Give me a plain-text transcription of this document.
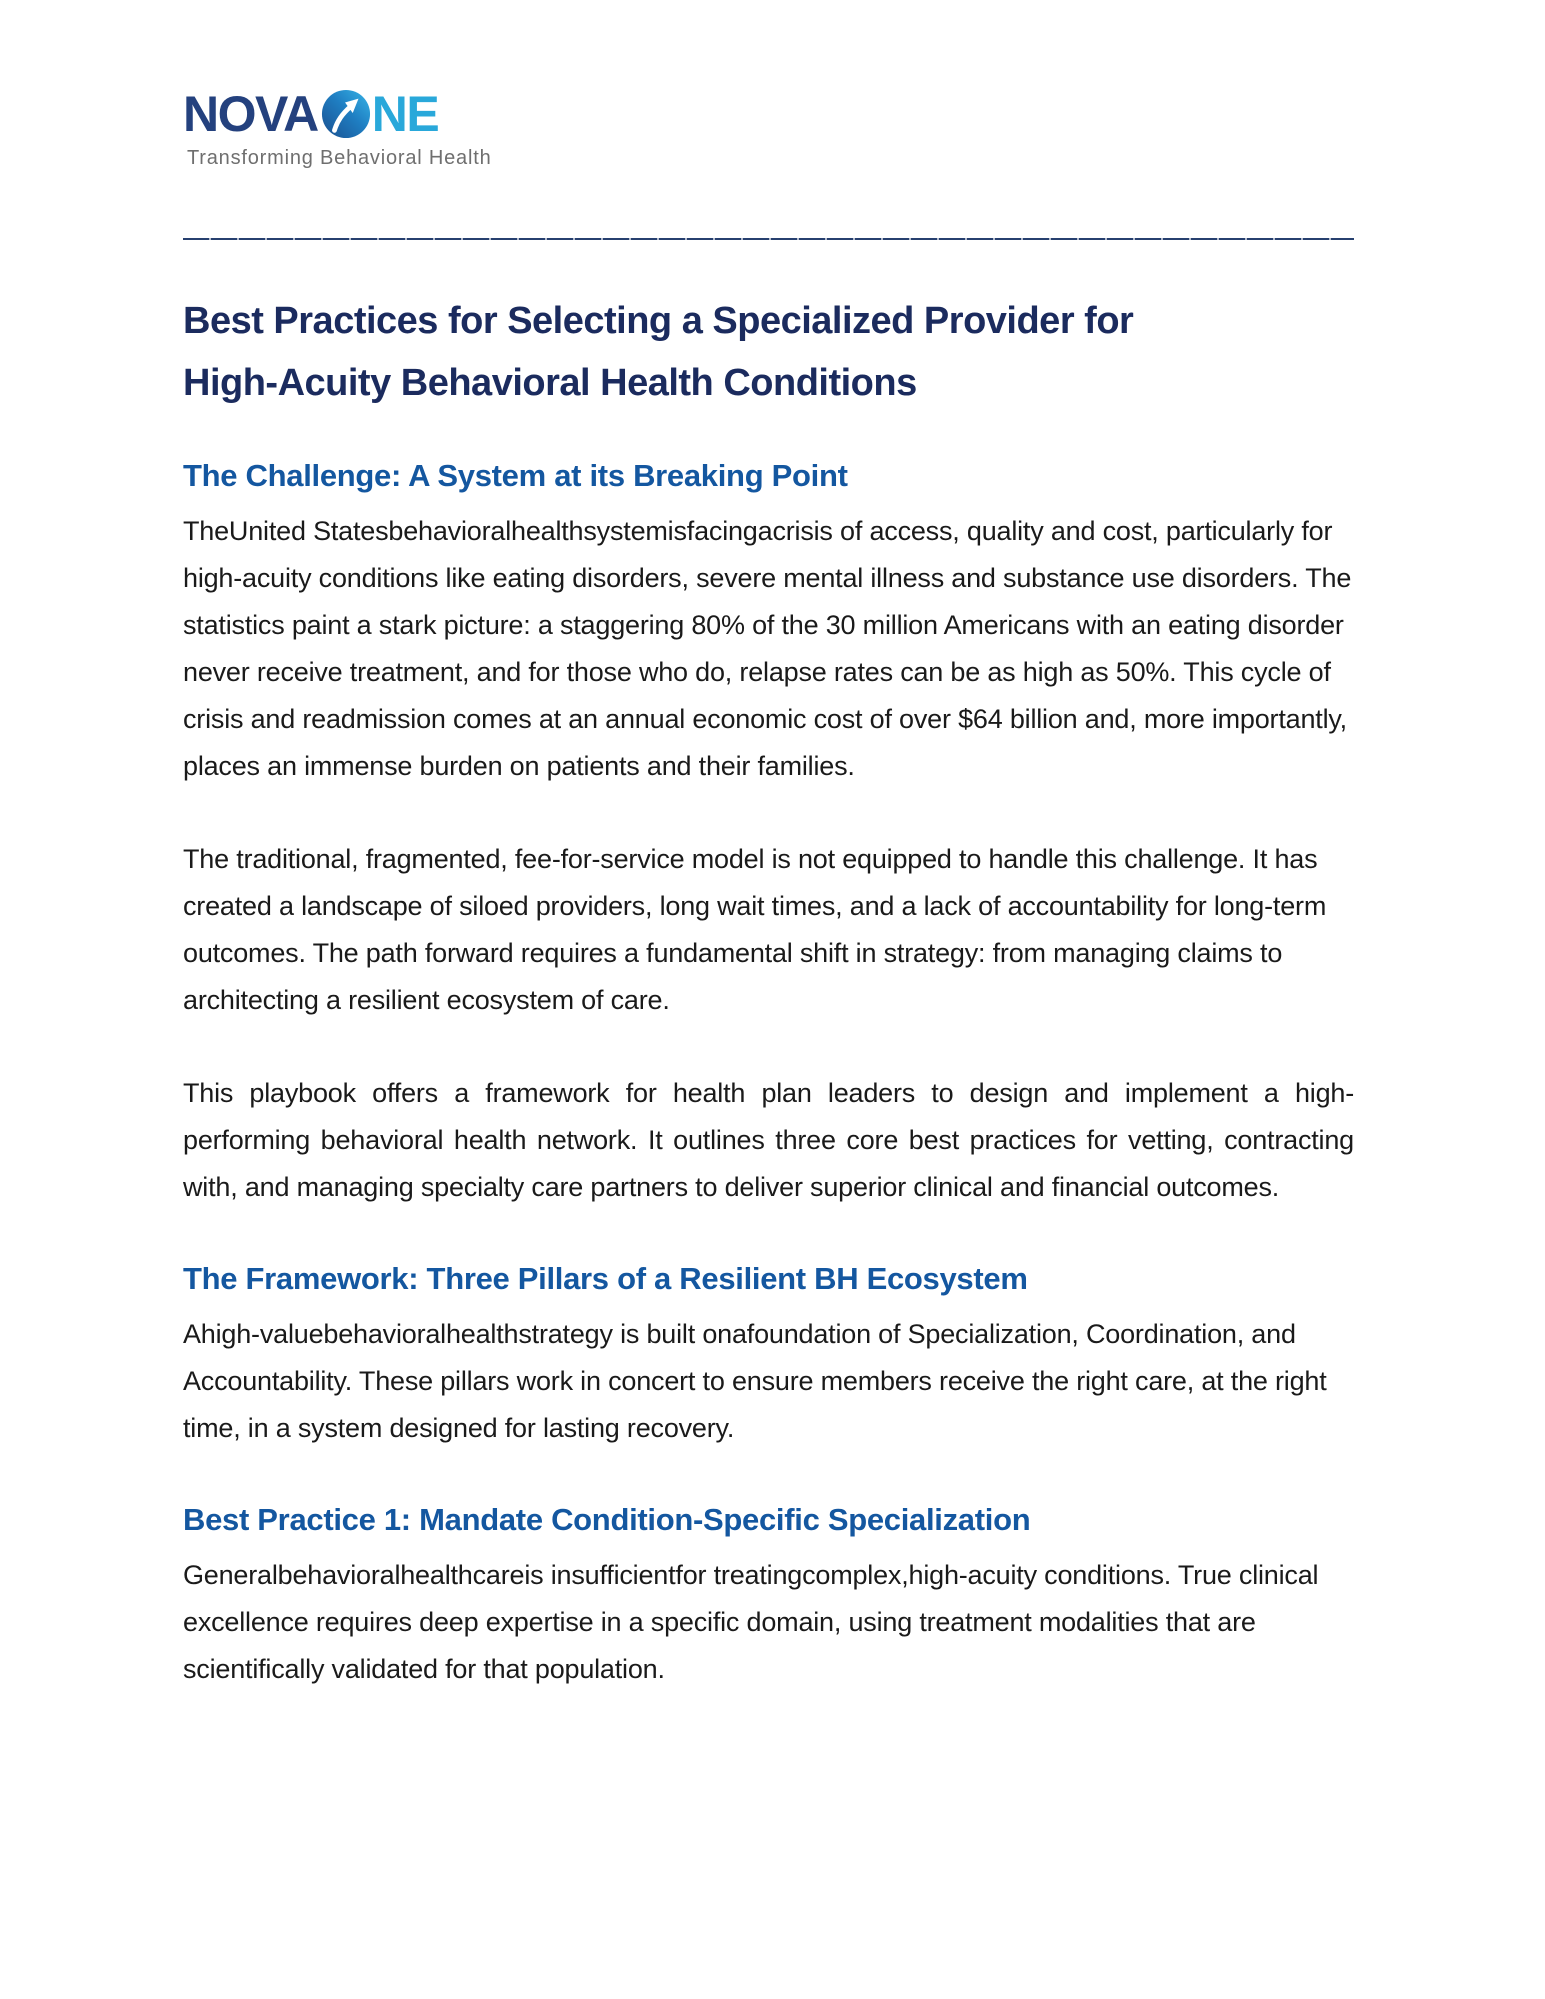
NOVA NE
Transforming Behavioral Health
Best Practices for Selecting a Specialized Provider for
High-Acuity Behavioral Health Conditions
The Challenge: A System at its Breaking Point

TheUnited Statesbehavioralhealthsystemisfacingacrisis of access, quality and cost, particularly for high-acuity conditions like eating disorders, severe mental illness and substance use disorders. The statistics paint a stark picture: a staggering 80% of the 30 million Americans with an eating disorder never receive treatment, and for those who do, relapse rates can be as high as 50%. This cycle of crisis and readmission comes at an annual economic cost of over $64 billion and, more importantly, places an immense burden on patients and their families.

The traditional, fragmented, fee-for-service model is not equipped to handle this challenge. It has created a landscape of siloed providers, long wait times, and a lack of accountability for long-term outcomes. The path forward requires a fundamental shift in strategy: from managing claims to architecting a resilient ecosystem of care.

This playbook offers a framework for health plan leaders to design and implement a high-performing behavioral health network. It outlines three core best practices for vetting, contracting with, and managing specialty care partners to deliver superior clinical and financial outcomes.

The Framework: Three Pillars of a Resilient BH Ecosystem

Ahigh-valuebehavioralhealthstrategy is built onafoundation of Specialization, Coordination, and Accountability. These pillars work in concert to ensure members receive the right care, at the right time, in a system designed for lasting recovery.

Best Practice 1: Mandate Condition-Specific Specialization

Generalbehavioralhealthcareis insufficientfor treatingcomplex,high-acuity conditions. True clinical excellence requires deep expertise in a specific domain, using treatment modalities that are scientifically validated for that population.
